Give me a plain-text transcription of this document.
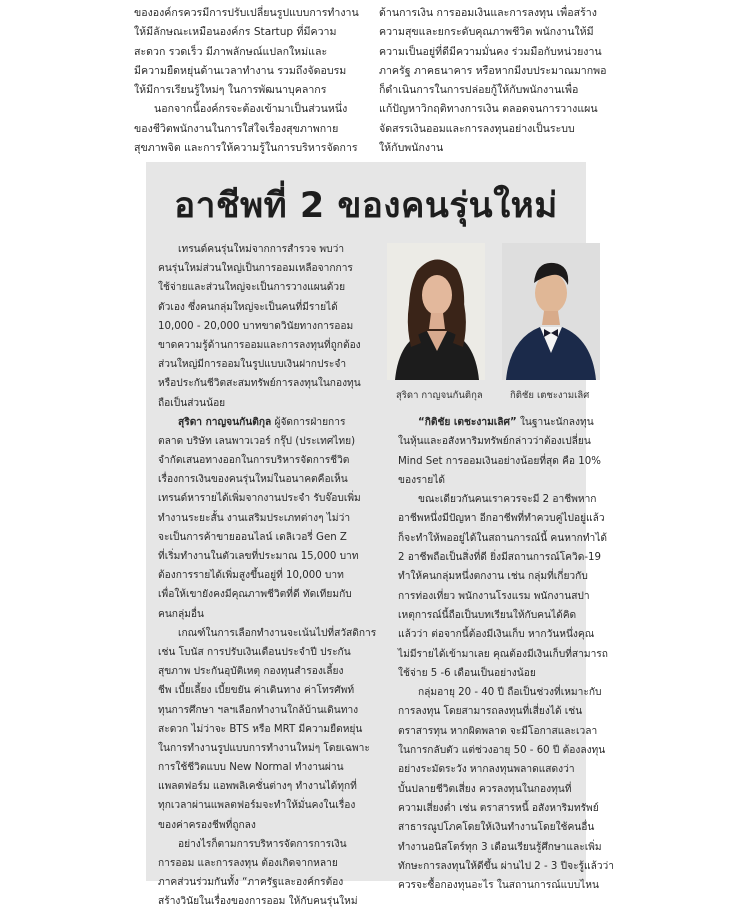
ขององค์กรควรมีการปรับเปลี่ยนรูปแบบการทำงาน
ให้มีลักษณะเหมือนองค์กร Startup ที่มีความ
สะดวก รวดเร็ว มีภาพลักษณ์แปลกใหม่และ
มีความยืดหยุ่นด้านเวลาทำงาน รวมถึงจัดอบรม
ให้มีการเรียนรู้ใหม่ๆ ในการพัฒนาบุคลากร
นอกจากนี้องค์กรจะต้องเข้ามาเป็นส่วนหนึ่ง
ของชีวิตพนักงานในการใส่ใจเรื่องสุขภาพกาย
สุขภาพจิต และการให้ความรู้ในการบริหารจัดการ
ด้านการเงิน การออมเงินและการลงทุน เพื่อสร้าง
ความสุขและยกระดับคุณภาพชีวิต พนักงานให้มี
ความเป็นอยู่ที่ดีมีความมั่นคง ร่วมมือกับหน่วยงาน
ภาครัฐ ภาคธนาคาร หรือหากมีงบประมาณมากพอ
ก็ดำเนินการในการปล่อยกู้ให้กับพนักงานเพื่อ
แก้ปัญหาวิกฤติทางการเงิน ตลอดจนการวางแผน
จัดสรรเงินออมและการลงทุนอย่างเป็นระบบ
ให้กับพนักงาน
อาชีพที่ 2 ของคนรุ่นใหม่
เทรนด์คนรุ่นใหม่จากการสำรวจ พบว่า
คนรุ่นใหม่ส่วนใหญ่เป็นการออมเหลือจากการ
ใช้จ่ายและส่วนใหญ่จะเป็นการวางแผนด้วย
ตัวเอง ซึ่งคนกลุ่มใหญ่จะเป็นคนที่มีรายได้
10,000 - 20,000 บาทขาดวินัยทางการออม
ขาดความรู้ด้านการออมและการลงทุนที่ถูกต้อง
ส่วนใหญ่มีการออมในรูปแบบเงินฝากประจำ
หรือประกันชีวิตสะสมทรัพย์การลงทุนในกองทุน
ถือเป็นส่วนน้อย
สุริดา กาญจนกันติกุล ผู้จัดการฝ่ายการ
ตลาด บริษัท เลนพาวเวอร์ กรุ๊ป (ประเทศไทย)
จำกัดเสนอทางออกในการบริหารจัดการชีวิต
เรื่องการเงินของคนรุ่นใหม่ในอนาคตคือเห็น
เทรนด์หารายได้เพิ่มจากงานประจำ รับจ๊อบเพิ่ม
ทำงานระยะสั้น งานเสริมประเภทต่างๆ ไม่ว่า
จะเป็นการค้าขายออนไลน์ เดลิเวอรี่ Gen Z
ที่เริ่มทำงานในตัวเลขที่ประมาณ 15,000 บาท
ต้องการรายได้เพิ่มสูงขึ้นอยู่ที่ 10,000 บาท
เพื่อให้เขายังคงมีคุณภาพชีวิตที่ดี ทัดเทียมกับ
คนกลุ่มอื่น
เกณฑ์ในการเลือกทำงานจะเน้นไปที่สวัสดิการ
เช่น โบนัส การปรับเงินเดือนประจำปี ประกัน
สุขภาพ ประกันอุบัติเหตุ กองทุนสำรองเลี้ยง
ชีพ เบี้ยเลี้ยง เบี้ยขยัน ค่าเดินทาง ค่าโทรศัพท์
ทุนการศึกษา ฯลฯเลือกทำงานใกล้บ้านเดินทาง
สะดวก ไม่ว่าจะ BTS หรือ MRT มีความยืดหยุ่น
ในการทำงานรูปแบบการทำงานใหม่ๆ โดยเฉพาะ
การใช้ชีวิตแบบ New Normal ทำงานผ่าน
แพลตฟอร์ม แอพพลิเคชั่นต่างๆ ทำงานได้ทุกที่
ทุกเวลาผ่านแพลตฟอร์มจะทำให้มั่นคงในเรื่อง
ของค่าครองชีพที่ถูกลง
อย่างไรก็ตามการบริหารจัดการการเงิน
การออม และการลงทุน ต้องเกิดจากหลาย
ภาคส่วนร่วมกันทั้ง “ภาครัฐและองค์กรต้อง
สร้างวินัยในเรื่องของการออม ให้กับคนรุ่นใหม่
“กิติชัย เตชะงามเลิศ” ในฐานะนักลงทุน
ในหุ้นและอสังหาริมทรัพย์กล่าวว่าต้องเปลี่ยน
Mind Set การออมเงินอย่างน้อยที่สุด คือ 10%
ของรายได้
ขณะเดียวกันคนเราควรจะมี 2 อาชีพหาก
อาชีพหนึ่งมีปัญหา อีกอาชีพที่ทำควบคู่ไปอยู่แล้ว
ก็จะทำให้พออยู่ได้ในสถานการณ์นี้ คนหากทำได้
2 อาชีพถือเป็นสิ่งที่ดี ยิ่งมีสถานการณ์โควิด-19
ทำให้คนกลุ่มหนึ่งตกงาน เช่น กลุ่มที่เกี่ยวกับ
การท่องเที่ยว พนักงานโรงแรม พนักงานสปา
เหตุการณ์นี้ถือเป็นบทเรียนให้กับคนได้คิด
แล้วว่า ต่อจากนี้ต้องมีเงินเก็บ หากวันหนึ่งคุณ
ไม่มีรายได้เข้ามาเลย คุณต้องมีเงินเก็บที่สามารถ
ใช้จ่าย 5 -6 เดือนเป็นอย่างน้อย
กลุ่มอายุ 20 - 40 ปี ถือเป็นช่วงที่เหมาะกับ
การลงทุน โดยสามารถลงทุนที่เสี่ยงได้ เช่น
ตราสารทุน หากผิดพลาด จะมีโอกาสและเวลา
ในการกลับตัว แต่ช่วงอายุ 50 - 60 ปี ต้องลงทุน
อย่างระมัดระวัง หากลงทุนพลาดแสดงว่า
บั้นปลายชีวิตเสี่ยง ควรลงทุนในกองทุนที่
ความเสี่ยงต่ำ เช่น ตราสารหนี้ อสังหาริมทรัพย์
สาธารณูปโภคโดยให้เงินทำงานโดยใช้คนอื่น
ทำงานอนิสโตร์ทุก 3 เดือนเรียนรู้ศึกษาและเพิ่ม
ทักษะการลงทุนให้ดีขึ้น ผ่านไป 2 - 3 ปีจะรู้แล้วว่า
ควรจะซื้อกองทุนอะไร ในสถานการณ์แบบไหน
สุริดา กาญจนกันติกุล	กิติชัย เตชะงามเลิศ
